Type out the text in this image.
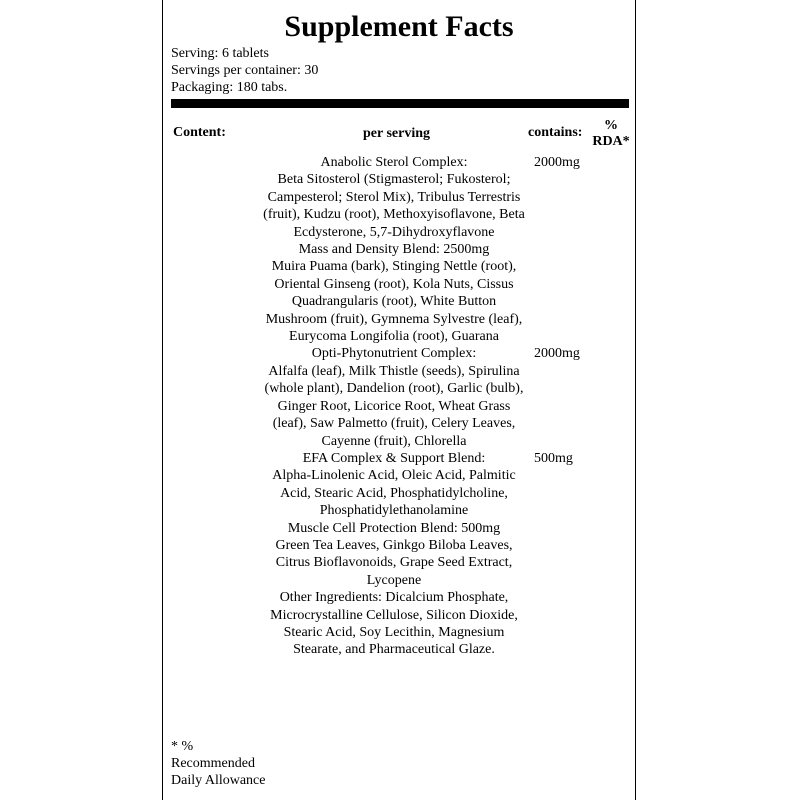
Supplement Facts
Serving: 6 tablets
Servings per container: 30
Packaging: 180 tabs.
Content:	per serving	contains:	%
RDA*
Anabolic Sterol Complex:	2000mg
Beta Sitosterol (Stigmasterol; Fukosterol; Campesterol; Sterol Mix), Tribulus Terrestris (fruit), Kudzu (root), Methoxyisoflavone, Beta Ecdysterone, 5,7-Dihydroxyflavone
Mass and Density Blend: 2500mg
Muira Puama (bark), Stinging Nettle (root), Oriental Ginseng (root), Kola Nuts, Cissus Quadrangularis (root), White Button Mushroom (fruit), Gymnema Sylvestre (leaf), Eurycoma Longifolia (root), Guarana
Opti-Phytonutrient Complex:	2000mg
Alfalfa (leaf), Milk Thistle (seeds), Spirulina (whole plant), Dandelion (root), Garlic (bulb), Ginger Root, Licorice Root, Wheat Grass (leaf), Saw Palmetto (fruit), Celery Leaves, Cayenne (fruit), Chlorella
EFA Complex & Support Blend:	500mg
Alpha-Linolenic Acid, Oleic Acid, Palmitic Acid, Stearic Acid, Phosphatidylcholine, Phosphatidylethanolamine
Muscle Cell Protection Blend: 500mg
Green Tea Leaves, Ginkgo Biloba Leaves, Citrus Bioflavonoids, Grape Seed Extract, Lycopene
Other Ingredients: Dicalcium Phosphate, Microcrystalline Cellulose, Silicon Dioxide, Stearic Acid, Soy Lecithin, Magnesium Stearate, and Pharmaceutical Glaze.
* %
Recommended
Daily Allowance
